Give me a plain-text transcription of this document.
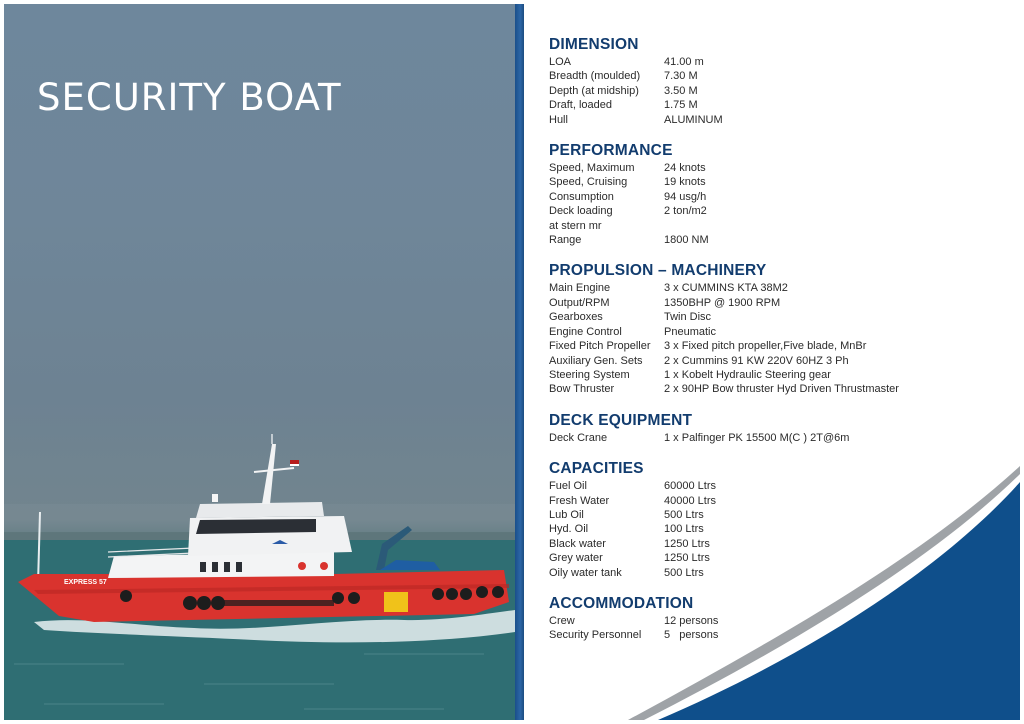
EXPRESS 57
SECURITY BOAT
DIMENSION
LOA	41.00 m
Breadth (moulded)	7.30 M
Depth (at midship)	3.50 M
Draft, loaded	1.75 M
Hull	ALUMINUM
PERFORMANCE
Speed, Maximum	24 knots
Speed, Cruising	19 knots
Consumption	94 usg/h
Deck loading	2 ton/m2
at stern mr
Range	1800 NM
PROPULSION – MACHINERY
Main Engine	3 x CUMMINS KTA 38M2
Output/RPM	1350BHP @ 1900 RPM
Gearboxes	Twin Disc
Engine Control	Pneumatic
Fixed Pitch Propeller	3 x Fixed pitch propeller,Five blade, MnBr
Auxiliary Gen. Sets	2 x Cummins 91 KW 220V 60HZ 3 Ph
Steering System	1 x Kobelt Hydraulic Steering gear
Bow Thruster	2 x 90HP Bow thruster Hyd Driven Thrustmaster
DECK EQUIPMENT
Deck Crane	1 x Palfinger PK 15500 M(C ) 2T@6m
CAPACITIES
Fuel Oil	60000 Ltrs
Fresh Water	40000 Ltrs
Lub Oil	500 Ltrs
Hyd. Oil	100 Ltrs
Black water	1250 Ltrs
Grey water	1250 Ltrs
Oily water tank	500 Ltrs
ACCOMMODATION
Crew	12 persons
Security Personnel	5   persons
